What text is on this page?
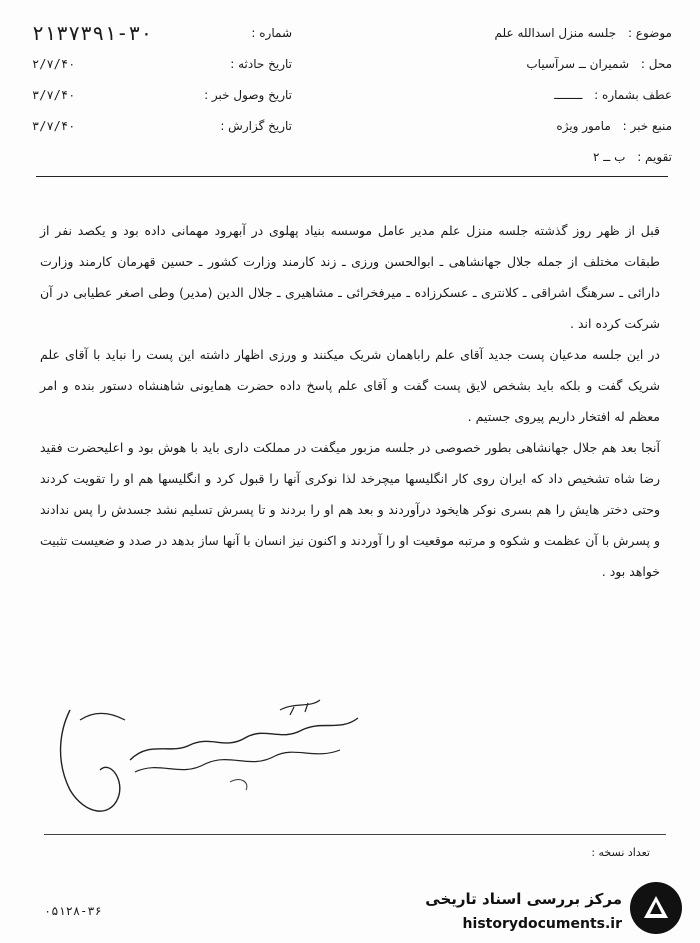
موضوع : جلسه منزل اسدالله علم
محل : شمیران ــ سرآسیاب
عطف بشماره : ــــــــ
منبع خبر : مامور ویژه
تقویم : ب ــ ۲
شماره :
۲۱۳۷۳۹۱-۳۰
تاریخ حادثه :
۲/۷/۴۰
تاریخ وصول خبر :
۳/۷/۴۰
تاریخ گزارش :
۳/۷/۴۰

قبل از ظهر روز گذشته جلسه منزل علم مدیر عامل موسسه بنیاد پهلوی در آبهرود مهمانی داده بود و یکصد نفر از طبقات مختلف از جمله جلال جهانشاهی ـ ابوالحسن ورزی ـ زند کارمند وزارت کشور ـ حسین قهرمان کارمند وزارت دارائی ـ سرهنگ اشراقی ـ کلانتری ـ عسکرزاده ـ میرفخرائی ـ مشاهیری ـ جلال الدین (مدیر) وطی اصغر عطیابی در آن شرکت کرده اند .

در این جلسه مدعیان پست جدید آقای علم راباهمان شریک میکنند و ورزی اظهار داشته این پست را نباید با آقای علم شریک گفت و بلکه باید بشخص لایق پست گفت و آقای علم پاسخ داده حضرت همایونی شاهنشاه دستور بنده و امر معظم له افتخار داریم پیروی جستیم .

آنجا بعد هم جلال جهانشاهی بطور خصوصی در جلسه مزبور میگفت در مملکت داری باید با هوش بود و اعلیحضرت فقید رضا شاه تشخیص داد که ایران روی کار انگلیسها میچرخد لذا نوکری آنها را قبول کرد و انگلیسها هم او را تقویت کردند وحتی دختر هایش را هم بسری نوکر هایخود درآوردند و بعد هم او را بردند و تا پسرش تسلیم نشد جسدش را پس ندادند و پسرش با آن عظمت و شکوه و مرتبه موقعیت او را آوردند و اکنون نیز انسان با آنها ساز بدهد در صدد و ضعیست تثبیت خواهد بود .

تعداد نسخه :
۰۵۱۲۸-۳۶
مرکز بررسی اسناد تاریخی
historydocuments.ir
